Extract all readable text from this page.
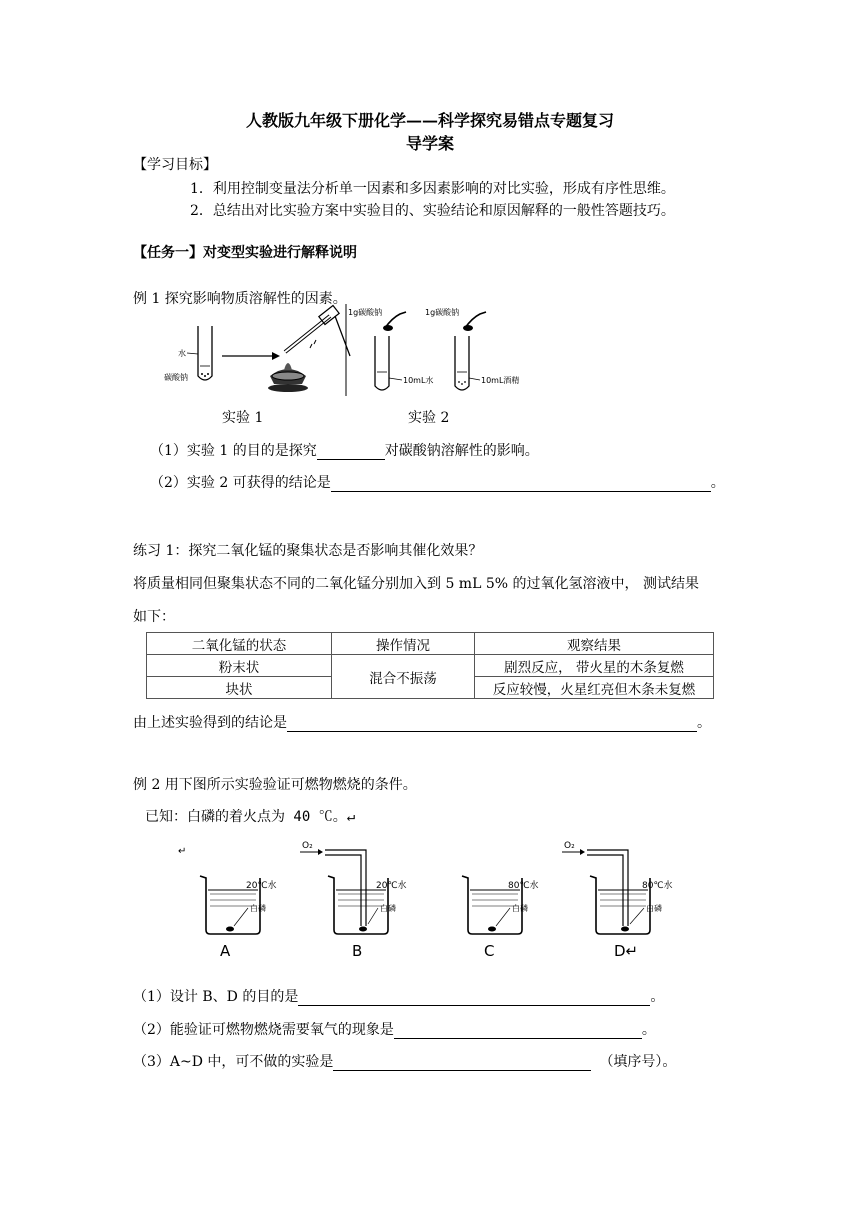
人教版九年级下册化学——科学探究易错点专题复习
导学案
【学习目标】
1．利用控制变量法分析单一因素和多因素影响的对比实验，形成有序性思维。
2．总结出对比实验方案中实验目的、实验结论和原因解释的一般性答题技巧。
【任务一】对变型实验进行解释说明
例 1 探究影响物质溶解性的因素。
水
碳酸钠
1g碳酸钠
10mL水
1g碳酸钠
10mL酒精
实验 1	实验 2
（1）实验 1 的目的是探究	对碳酸钠溶解性的影响。
（2）实验 2 可获得的结论是	。
练习 1：探究二氧化锰的聚集状态是否影响其催化效果？
将质量相同但聚集状态不同的二氧化锰分别加入到 5 mL 5% 的过氧化氢溶液中， 测试结果
如下：
二氧化锰的状态	操作情况	观察结果
粉末状	混合不振荡	剧烈反应， 带火星的木条复燃
块状		反应较慢，火星红亮但木条未复燃
由上述实验得到的结论是	。
例 2 用下图所示实验验证可燃物燃烧的条件。
已知：白磷的着火点为 40 ℃。↵
↵
20℃水
白磷
A
O₂
20℃水
白磷
B
80℃水
白磷
C
O₂
80℃水
白磷
D↵
（1）设计 B、D 的目的是	。
（2）能验证可燃物燃烧需要氧气的现象是	。
（3）A~D 中，可不做的实验是	（填序号）。
